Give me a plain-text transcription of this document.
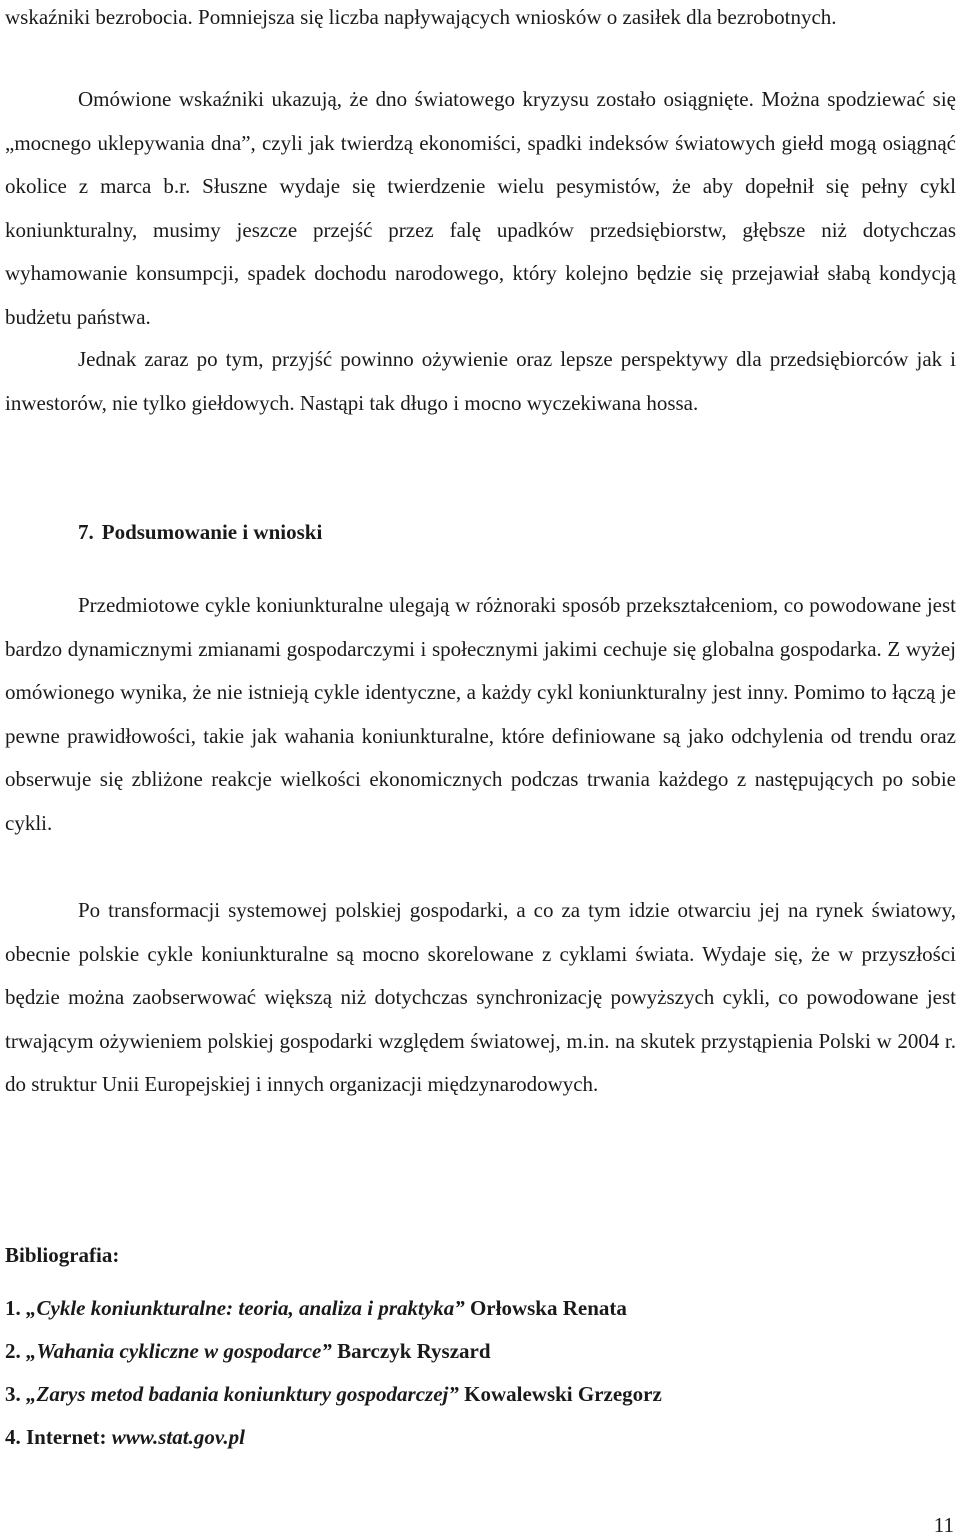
wskaźniki bezrobocia. Pomniejsza się liczba napływających wniosków o zasiłek dla bezrobotnych.

Omówione wskaźniki ukazują, że dno światowego kryzysu zostało osiągnięte. Można spodziewać się „mocnego uklepywania dna”, czyli jak twierdzą ekonomiści, spadki indeksów światowych giełd mogą osiągnąć okolice z marca b.r. Słuszne wydaje się twierdzenie wielu pesymistów, że aby dopełnił się pełny cykl koniunkturalny, musimy jeszcze przejść przez falę upadków przedsiębiorstw, głębsze niż dotychczas wyhamowanie konsumpcji, spadek dochodu narodowego, który kolejno będzie się przejawiał słabą kondycją budżetu państwa.

Jednak zaraz po tym, przyjść powinno ożywienie oraz lepsze perspektywy dla przedsiębiorców jak i inwestorów, nie tylko giełdowych. Nastąpi tak długo i mocno wyczekiwana hossa.

7. Podsumowanie i wnioski

Przedmiotowe cykle koniunkturalne ulegają w różnoraki sposób przekształceniom, co powodowane jest bardzo dynamicznymi zmianami gospodarczymi i społecznymi jakimi cechuje się globalna gospodarka. Z wyżej omówionego wynika, że nie istnieją cykle identyczne, a każdy cykl koniunkturalny jest inny. Pomimo to łączą je pewne prawidłowości, takie jak wahania koniunkturalne, które definiowane są jako odchylenia od trendu oraz obserwuje się zbliżone reakcje wielkości ekonomicznych podczas trwania każdego z następujących po sobie cykli.

Po transformacji systemowej polskiej gospodarki, a co za tym idzie otwarciu jej na rynek światowy, obecnie polskie cykle koniunkturalne są mocno skorelowane z cyklami świata. Wydaje się, że w przyszłości będzie można zaobserwować większą niż dotychczas synchronizację powyższych cykli, co powodowane jest trwającym ożywieniem polskiej gospodarki względem światowej, m.in. na skutek przystąpienia Polski w 2004 r. do struktur Unii Europejskiej i innych organizacji międzynarodowych.

Bibliografia:
1. „Cykle koniunkturalne: teoria, analiza i praktyka” Orłowska Renata
2. „Wahania cykliczne w gospodarce” Barczyk Ryszard
3. „Zarys metod badania koniunktury gospodarczej” Kowalewski Grzegorz
4. Internet: www.stat.gov.pl

11
